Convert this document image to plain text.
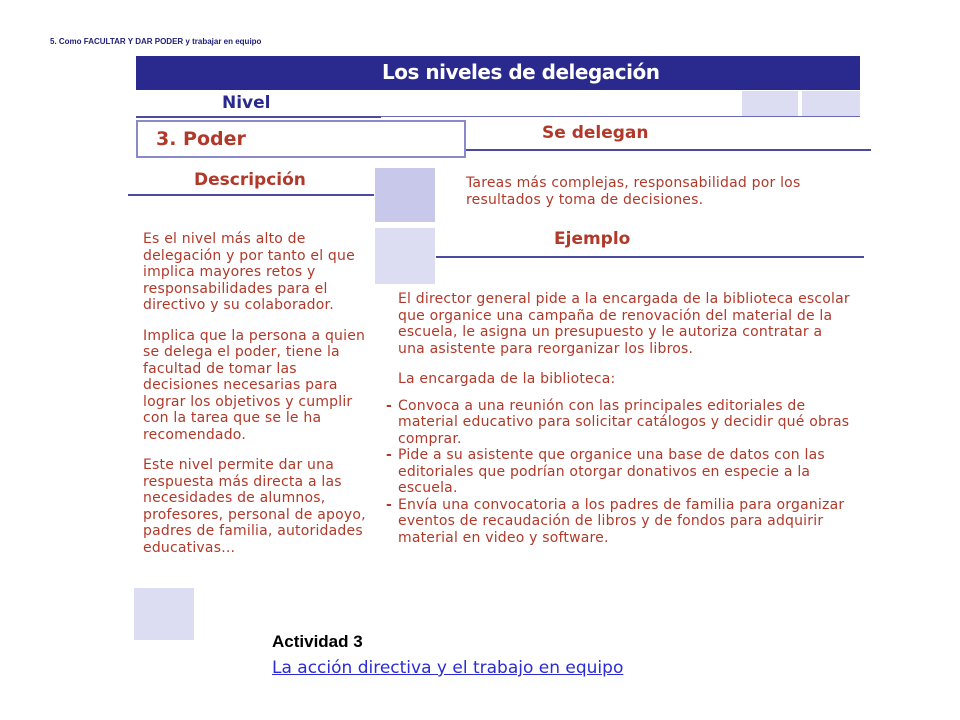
5. Como FACULTAR Y DAR PODER y trabajar en equipo
Los niveles de delegación
Nivel
3. Poder	Se delegan
Descripción	Tareas más complejas, responsabilidad por los resultados y toma de decisiones.
Ejemplo

Es el nivel más alto de delegación y por tanto el que implica mayores retos y responsabilidades para el directivo y su colaborador.

Implica que la persona a quien se delega el poder, tiene la facultad de tomar las decisiones necesarias para lograr los objetivos y cumplir con la tarea que se le ha recomendado.

Este nivel permite dar una respuesta más directa a las necesidades de alumnos, profesores, personal de apoyo, padres de familia, autoridades educativas…

El director general pide a la encargada de la biblioteca escolar que organice una campaña de renovación del material de la escuela, le asigna un presupuesto y le autoriza contratar a una asistente para reorganizar los libros.

La encargada de la biblioteca:

- Convoca a una reunión con las principales editoriales de material educativo para solicitar catálogos y decidir qué obras comprar.
- Pide a su asistente que organice una base de datos con las editoriales que podrían otorgar donativos en especie a la escuela.
- Envía una convocatoria a los padres de familia para organizar eventos de recaudación de libros y de fondos para adquirir material en video y software.
Actividad 3
La acción directiva y el trabajo en equipo
